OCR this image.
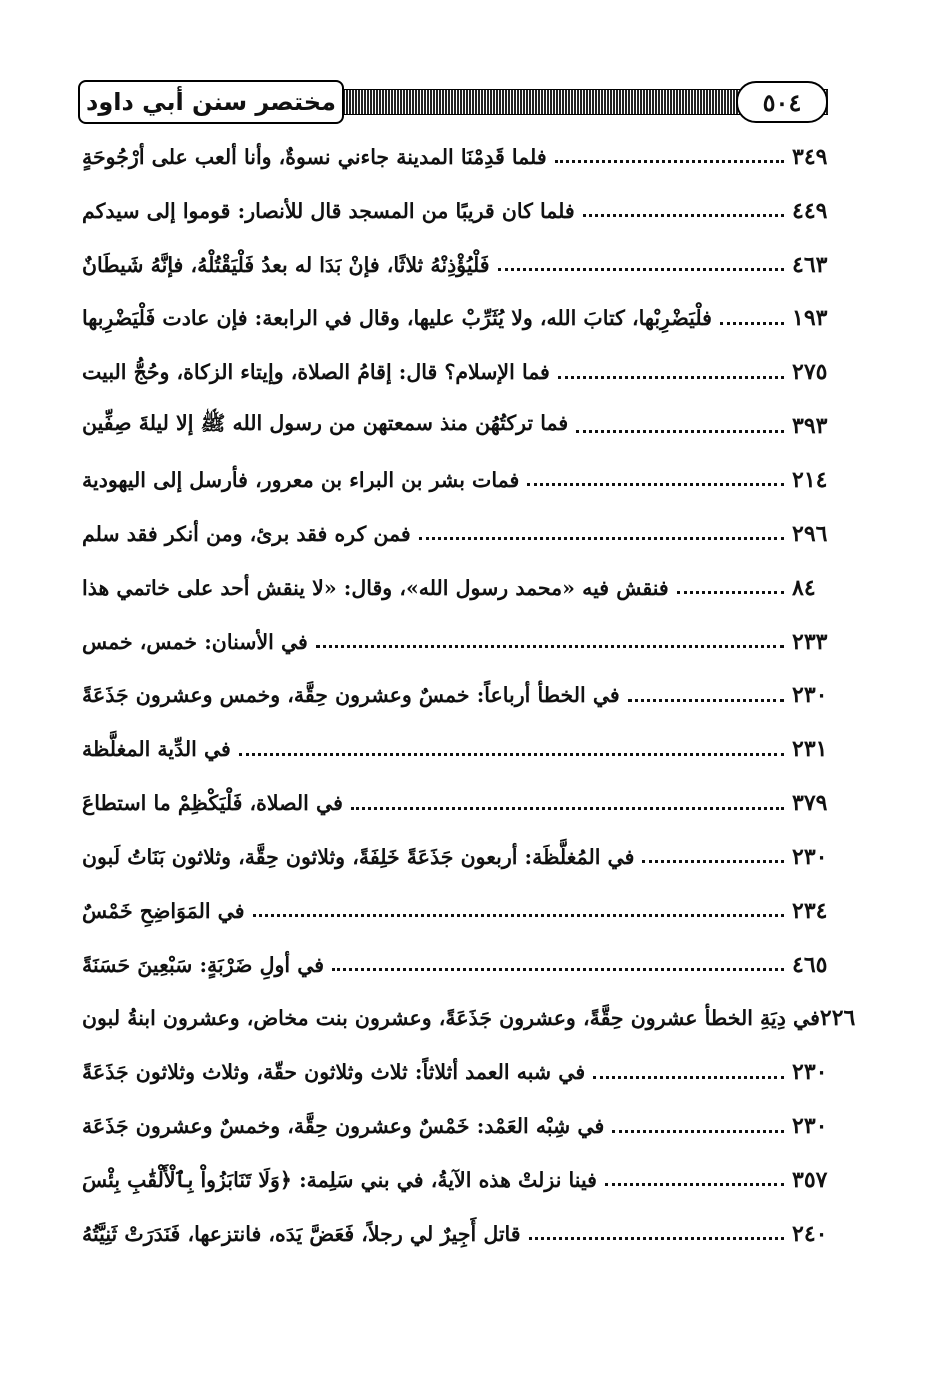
مختصر سنن أبي داود	٥٠٤
فلما قَدِمْنَا المدينة جاءني نسوةٌ، وأنا ألعب على أرْجُوحَةٍ	٣٤٩
فلما كان قريبًا من المسجد قال للأنصار: قوموا إلى سيدكم	٤٤٩
فَلْيُؤْذِنْهُ ثلاثًا، فإنْ بَدَا له بعدُ فَلْيَقْتُلْهُ، فإنَّهُ شَيطَانٌ	٤٦٣
فلْيَضْرِبْها، كتابَ الله، ولا يُثَرِّبْ عليها، وقال في الرابعة: فإن عادت فَلْيَضْرِبها	١٩٣
فما الإسلام؟ قال: إقامُ الصلاة، وإيتاء الزكاة، وحُجُّ البيت	٢٧٥
فما تركتُهُن منذ سمعتهن من رسول الله ﷺ إلا ليلةَ صِفِّين	٣٩٣
فمات بشر بن البراء بن معرور، فأرسل إلى اليهودية	٢١٤
فمن كره فقد برئ، ومن أنكر فقد سلم	٢٩٦
فنقش فيه «محمد رسول الله»، وقال: «لا ينقش أحد على خاتمي هذا	٨٤
في الأسنان: خمس، خمس	٢٣٣
في الخطأ أرباعاً: خمسٌ وعشرون حِقَّة، وخمس وعشرون جَذَعَةً	٢٣٠
في الدِّية المغلَّظة	٢٣١
في الصلاة، فَلْيَكْظِمْ ما استطاعَ	٣٧٩
في المُغلَّظَة: أربعون جَذَعَةً خَلِفَةً، وثلاثون حِقَّة، وثلاثون بَنَاتُ لَبون	٢٣٠
في المَوَاضِحِ خَمْسٌ	٢٣٤
في أولِ ضَرْبَةٍ: سَبْعِينَ حَسَنَةً	٤٦٥
في دِيَةِ الخطأ عشرون حِقَّةً، وعشرون جَذَعَةً، وعشرون بنت مخاض، وعشرون ابنةُ لبون ٢٢٦
في شبه العمد أثلاثاً: ثلاث وثلاثون حقّة، وثلاث وثلاثون جَذَعَةً	٢٣٠
في شِبْه العَمْد: خَمْسٌ وعشرون حِقَّة، وخمسٌ وعشرون جَذَعَة	٢٣٠
فينا نزلتْ هذه الآيةُ، في بني سَلِمة: ﴿وَلَا تَنَابَزُواْ بِٱلْأَلْقَٰبِ بِئْسَ	٣٥٧
قاتل أَجِيرٌ لي رجلاً، فَعَضَّ يَدَه، فانتزعها، فَنَدَرَتْ ثَنِيَّتُهُ	٢٤٠
